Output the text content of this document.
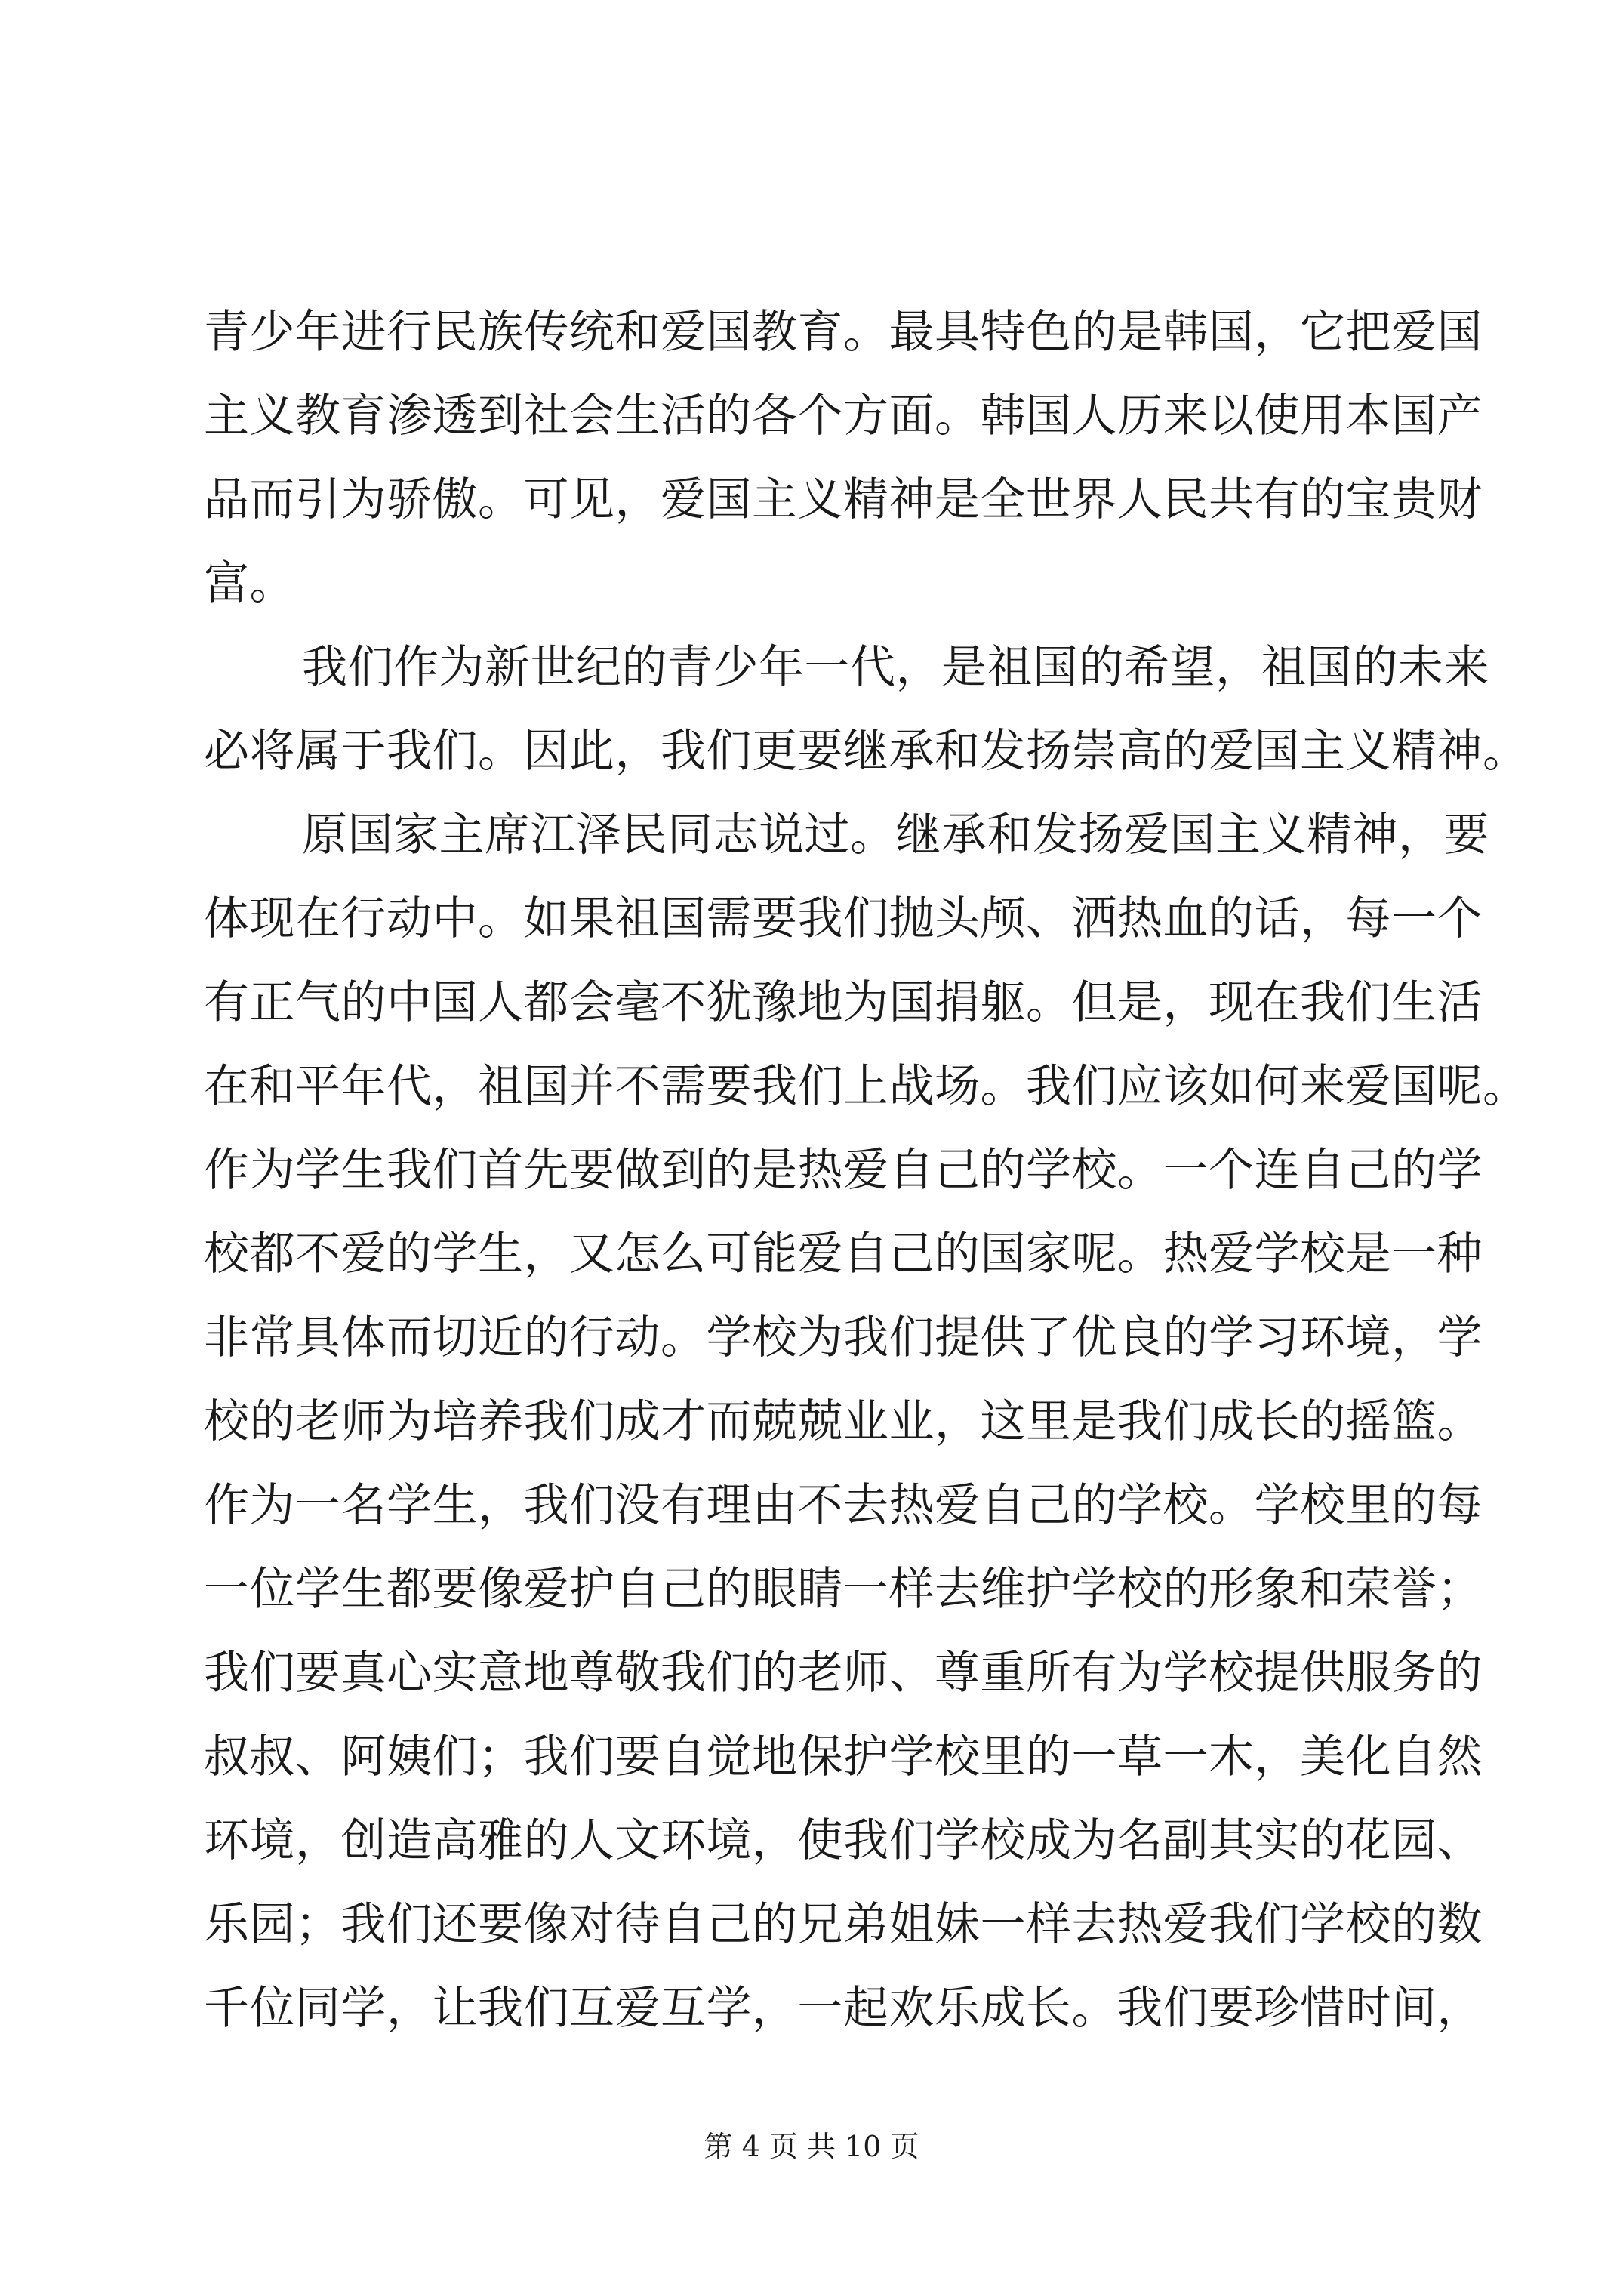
青少年进行民族传统和爱国教育。最具特色的是韩国，它把爱国
主义教育渗透到社会生活的各个方面。韩国人历来以使用本国产
品而引为骄傲。可见，爱国主义精神是全世界人民共有的宝贵财
富。
我们作为新世纪的青少年一代，是祖国的希望，祖国的未来
必将属于我们。因此，我们更要继承和发扬崇高的爱国主义精神。
原国家主席江泽民同志说过。继承和发扬爱国主义精神，要
体现在行动中。如果祖国需要我们抛头颅、洒热血的话，每一个
有正气的中国人都会毫不犹豫地为国捐躯。但是，现在我们生活
在和平年代，祖国并不需要我们上战场。我们应该如何来爱国呢。
作为学生我们首先要做到的是热爱自己的学校。一个连自己的学
校都不爱的学生，又怎么可能爱自己的国家呢。热爱学校是一种
非常具体而切近的行动。学校为我们提供了优良的学习环境，学
校的老师为培养我们成才而兢兢业业，这里是我们成长的摇篮。
作为一名学生，我们没有理由不去热爱自己的学校。学校里的每
一位学生都要像爱护自己的眼睛一样去维护学校的形象和荣誉；
我们要真心实意地尊敬我们的老师、尊重所有为学校提供服务的
叔叔、阿姨们；我们要自觉地保护学校里的一草一木，美化自然
环境，创造高雅的人文环境，使我们学校成为名副其实的花园、
乐园；我们还要像对待自己的兄弟姐妹一样去热爱我们学校的数
千位同学，让我们互爱互学，一起欢乐成长。我们要珍惜时间，
第 4 页 共 10 页
